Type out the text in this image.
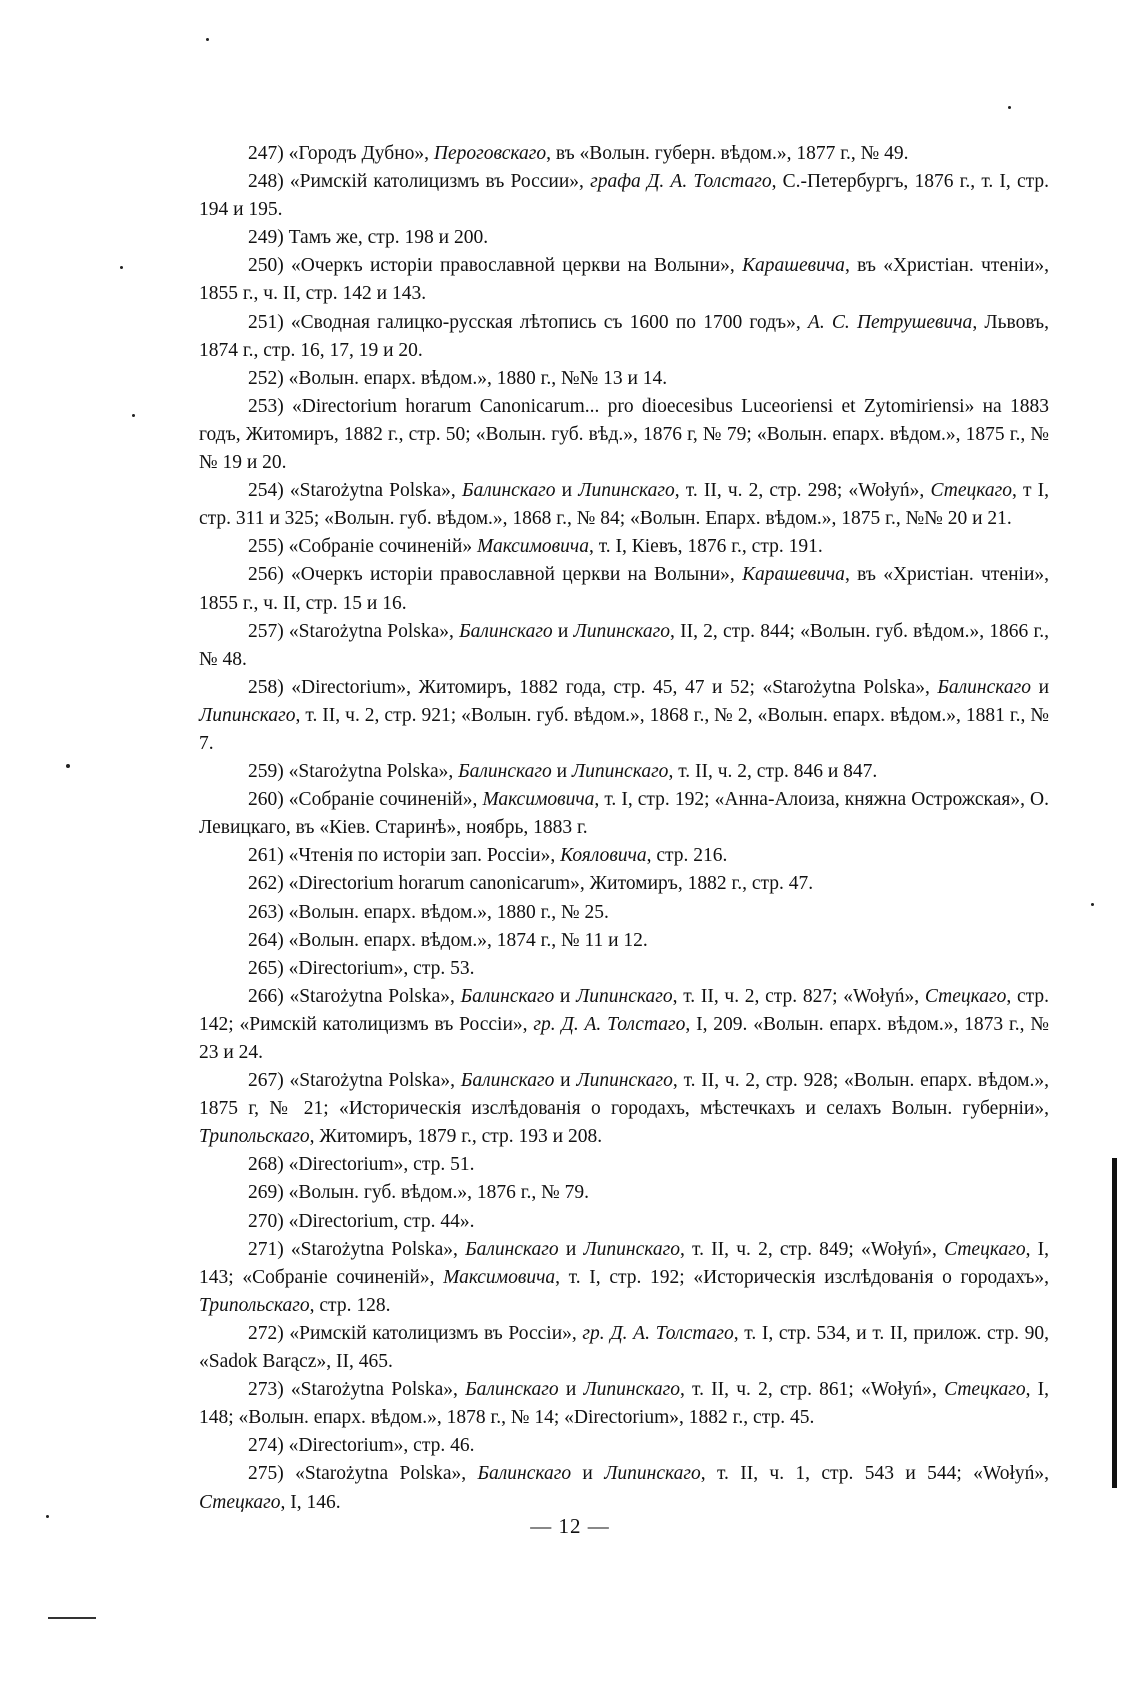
247) «Городъ Дубно», Пероговскаго, въ «Волын. губерн. вѣдом.», 1877 г., № 49.

248) «Римскій католицизмъ въ России», графа Д. А. Толстаго, С.-Петербургъ, 1876 г., т. I, стр. 194 и 195.

249) Тамъ же, стр. 198 и 200.

250) «Очеркъ исторіи православной церкви на Волыни», Карашевича, въ «Христіан. чтеніи», 1855 г., ч. II, стр. 142 и 143.

251) «Сводная галицко-русская лѣтопись съ 1600 по 1700 годъ», А. С. Петрушевича, Львовъ, 1874 г., стр. 16, 17, 19 и 20.

252) «Волын. епарх. вѣдом.», 1880 г., №№ 13 и 14.

253) «Directorium horarum Canonicarum... pro dioecesibus Luceoriensi et Zytomiriensi» на 1883 годъ, Житомиръ, 1882 г., стр. 50; «Волын. губ. вѣд.», 1876 г, № 79; «Волын. епарх. вѣдом.», 1875 г., №№ 19 и 20.

254) «Starożytna Polska», Балинскаго и Липинскаго, т. II, ч. 2, стр. 298; «Wołyń», Стецкаго, т I, стр. 311 и 325; «Волын. губ. вѣдом.», 1868 г., № 84; «Волын. Епарх. вѣдом.», 1875 г., №№ 20 и 21.

255) «Собраніе сочиненій» Максимовича, т. I, Кіевъ, 1876 г., стр. 191.

256) «Очеркъ исторіи православной церкви на Волыни», Карашевича, въ «Христіан. чтеніи», 1855 г., ч. II, стр. 15 и 16.

257) «Starożytna Polska», Балинскаго и Липинскаго, II, 2, стр. 844; «Волын. губ. вѣдом.», 1866 г., № 48.

258) «Directorium», Житомиръ, 1882 года, стр. 45, 47 и 52; «Starożytna Polska», Балинскаго и Липинскаго, т. II, ч. 2, стр. 921; «Волын. губ. вѣдом.», 1868 г., № 2, «Волын. епарх. вѣдом.», 1881 г., № 7.

259) «Starożytna Polska», Балинскаго и Липинскаго, т. II, ч. 2, стр. 846 и 847.

260) «Собраніе сочиненій», Максимовича, т. I, стр. 192; «Анна-Алоиза, княжна Острожская», О. Левицкаго, въ «Кіев. Старинѣ», ноябрь, 1883 г.

261) «Чтенія по исторіи зап. Россіи», Кояловича, стр. 216.

262) «Directorium horarum canonicarum», Житомиръ, 1882 г., стр. 47.

263) «Волын. епарх. вѣдом.», 1880 г., № 25.

264) «Волын. епарх. вѣдом.», 1874 г., № 11 и 12.

265) «Directorium», стр. 53.

266) «Starożytna Polska», Балинскаго и Липинскаго, т. II, ч. 2, стр. 827; «Wołyń», Стецкаго, стр. 142; «Римскій католицизмъ въ Россіи», гр. Д. А. Толстаго, I, 209. «Волын. епарх. вѣдом.», 1873 г., № 23 и 24.

267) «Starożytna Polska», Балинскаго и Липинскаго, т. II, ч. 2, стр. 928; «Волын. епарх. вѣдом.», 1875 г, № 21; «Историческія изслѣдованія о городахъ, мѣстечкахъ и селахъ Волын. губерніи», Трипольскаго, Житомиръ, 1879 г., стр. 193 и 208.

268) «Directorium», стр. 51.

269) «Волын. губ. вѣдом.», 1876 г., № 79.

270) «Directorium, стр. 44».

271) «Starożytna Polska», Балинскаго и Липинскаго, т. II, ч. 2, стр. 849; «Wołyń», Стецкаго, I, 143; «Собраніе сочиненій», Максимовича, т. I, стр. 192; «Историческія изслѣдованія о городахъ», Трипольскаго, стр. 128.

272) «Римскій католицизмъ въ Россіи», гр. Д. А. Толстаго, т. I, стр. 534, и т. II, прилож. стр. 90, «Sadok Barącz», II, 465.

273) «Starożytna Polska», Балинскаго и Липинскаго, т. II, ч. 2, стр. 861; «Wołyń», Стецкаго, I, 148; «Волын. епарх. вѣдом.», 1878 г., № 14; «Directorium», 1882 г., стр. 45.

274) «Directorium», стр. 46.

275) «Starożytna Polska», Балинскаго и Липинскаго, т. II, ч. 1, стр. 543 и 544; «Wołyń», Стецкаго, I, 146.

— 12 —
